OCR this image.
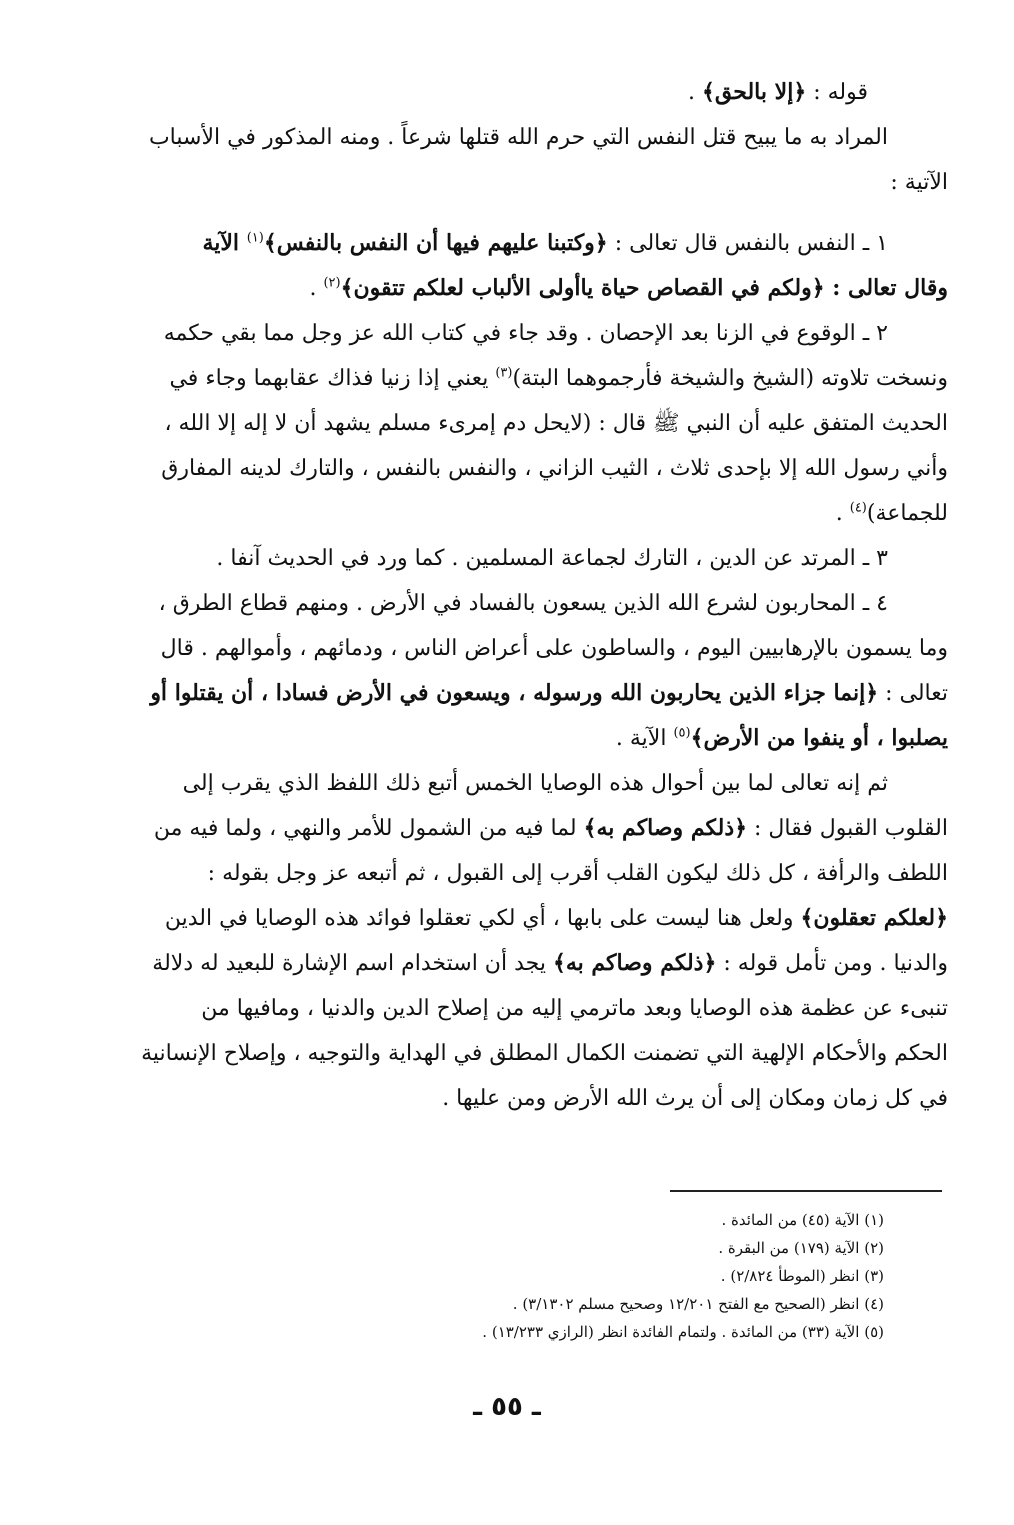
قوله : ﴿إلا بالحق﴾ .

المراد به ما يبيح قتل النفس التي حرم الله قتلها شرعاً . ومنه المذكور في الأسباب

الآتية :

١ ـ النفس بالنفس قال تعالى : ﴿وكتبنا عليهم فيها أن النفس بالنفس﴾$^{(١)}$ الآية

وقال تعالى : ﴿ولكم في القصاص حياة ياأولى الألباب لعلكم تتقون﴾$^{(٢)}$ .

٢ ـ الوقوع في الزنا بعد الإحصان . وقد جاء في كتاب الله عز وجل مما بقي حكمه

ونسخت تلاوته (الشيخ والشيخة فأرجموهما البتة)$^{(٣)}$ يعني إذا زنيا فذاك عقابهما وجاء في

الحديث المتفق عليه أن النبي ﷺ قال : (لايحل دم إمرىء مسلم يشهد أن لا إله إلا الله ،

وأني رسول الله إلا بإحدى ثلاث ، الثيب الزاني ، والنفس بالنفس ، والتارك لدينه المفارق

للجماعة)$^{(٤)}$ .

٣ ـ المرتد عن الدين ، التارك لجماعة المسلمين . كما ورد في الحديث آنفا .

٤ ـ المحاربون لشرع الله الذين يسعون بالفساد في الأرض . ومنهم قطاع الطرق ،

وما يسمون بالإرهابيين اليوم ، والساطون على أعراض الناس ، ودمائهم ، وأموالهم . قال

تعالى : ﴿إنما جزاء الذين يحاربون الله ورسوله ، ويسعون في الأرض فسادا ، أن يقتلوا أو

يصلبوا ، أو ينفوا من الأرض﴾$^{(٥)}$ الآية .

ثم إنه تعالى لما بين أحوال هذه الوصايا الخمس أتبع ذلك اللفظ الذي يقرب إلى

القلوب القبول فقال : ﴿ذلكم وصاكم به﴾ لما فيه من الشمول للأمر والنهي ، ولما فيه من

اللطف والرأفة ، كل ذلك ليكون القلب أقرب إلى القبول ، ثم أتبعه عز وجل بقوله :

﴿لعلكم تعقلون﴾ ولعل هنا ليست على بابها ، أي لكي تعقلوا فوائد هذه الوصايا في الدين

والدنيا . ومن تأمل قوله : ﴿ذلكم وصاكم به﴾ يجد أن استخدام اسم الإشارة للبعيد له دلالة

تنبىء عن عظمة هذه الوصايا وبعد ماترمي إليه من إصلاح الدين والدنيا ، ومافيها من

الحكم والأحكام الإلهية التي تضمنت الكمال المطلق في الهداية والتوجيه ، وإصلاح الإنسانية

في كل زمان ومكان إلى أن يرث الله الأرض ومن عليها .

(١) الآية (٤٥) من المائدة .

(٢) الآية (١٧٩) من البقرة .

(٣) انظر (الموطأ ٢/٨٢٤) .

(٤) انظر (الصحيح مع الفتح ١٢/٢٠١ وصحيح مسلم ٣/١٣٠٢) .

(٥) الآية (٣٣) من المائدة . ولتمام الفائدة انظر (الرازي ١٣/٢٣٣) .

ـ ٥٥ ـ
